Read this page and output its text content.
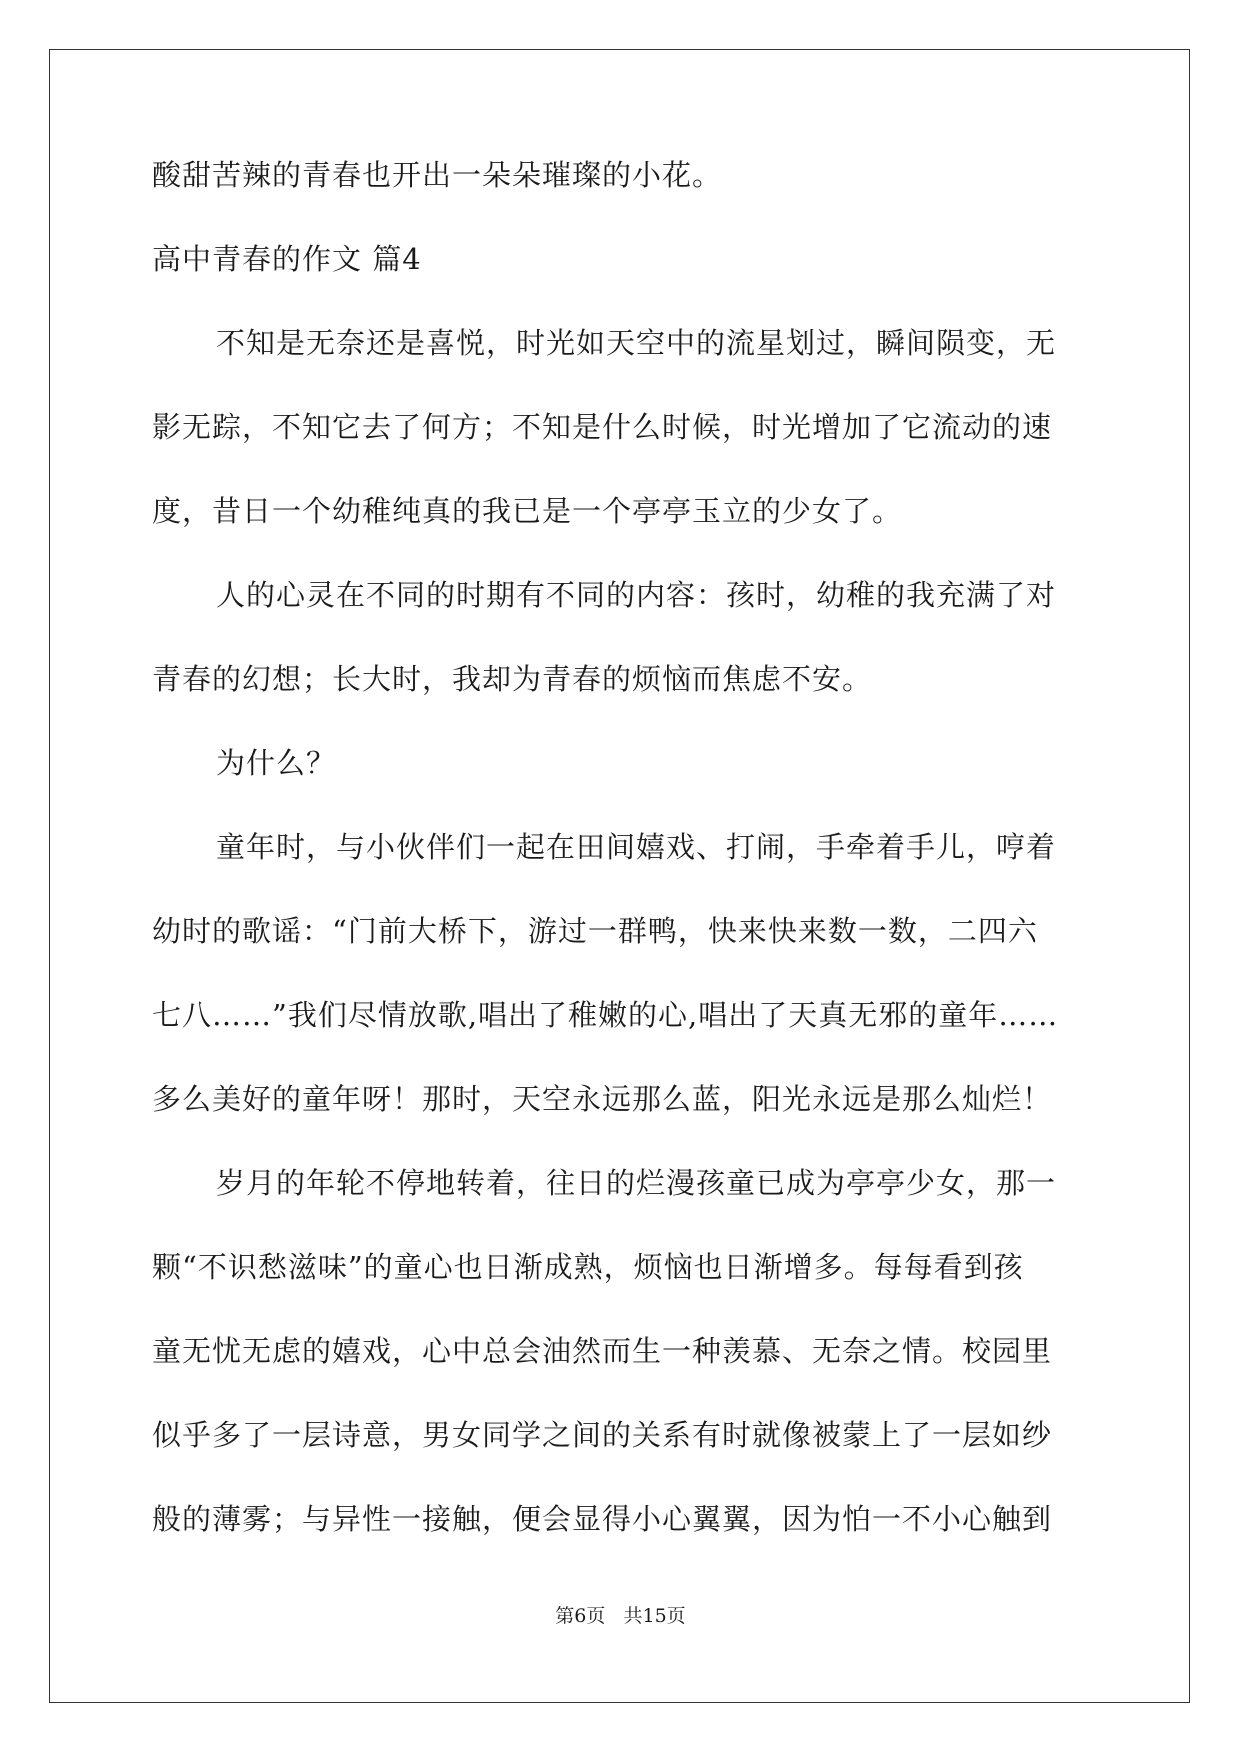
酸甜苦辣的青春也开出一朵朵璀璨的小花。

高中青春的作文 篇4

不知是无奈还是喜悦，时光如天空中的流星划过，瞬间陨变，无

影无踪，不知它去了何方；不知是什么时候，时光增加了它流动的速

度，昔日一个幼稚纯真的我已是一个亭亭玉立的少女了。

人的心灵在不同的时期有不同的内容：孩时，幼稚的我充满了对

青春的幻想；长大时，我却为青春的烦恼而焦虑不安。

为什么？

童年时，与小伙伴们一起在田间嬉戏、打闹，手牵着手儿，哼着

幼时的歌谣：“门前大桥下，游过一群鸭，快来快来数一数，二四六

七八……”我们尽情放歌,唱出了稚嫩的心,唱出了天真无邪的童年……

多么美好的童年呀！那时，天空永远那么蓝，阳光永远是那么灿烂！

岁月的年轮不停地转着，往日的烂漫孩童已成为亭亭少女，那一

颗“不识愁滋味”的童心也日渐成熟，烦恼也日渐增多。每每看到孩

童无忧无虑的嬉戏，心中总会油然而生一种羡慕、无奈之情。校园里

似乎多了一层诗意，男女同学之间的关系有时就像被蒙上了一层如纱

般的薄雾；与异性一接触，便会显得小心翼翼，因为怕一不小心触到

第6页   共15页
